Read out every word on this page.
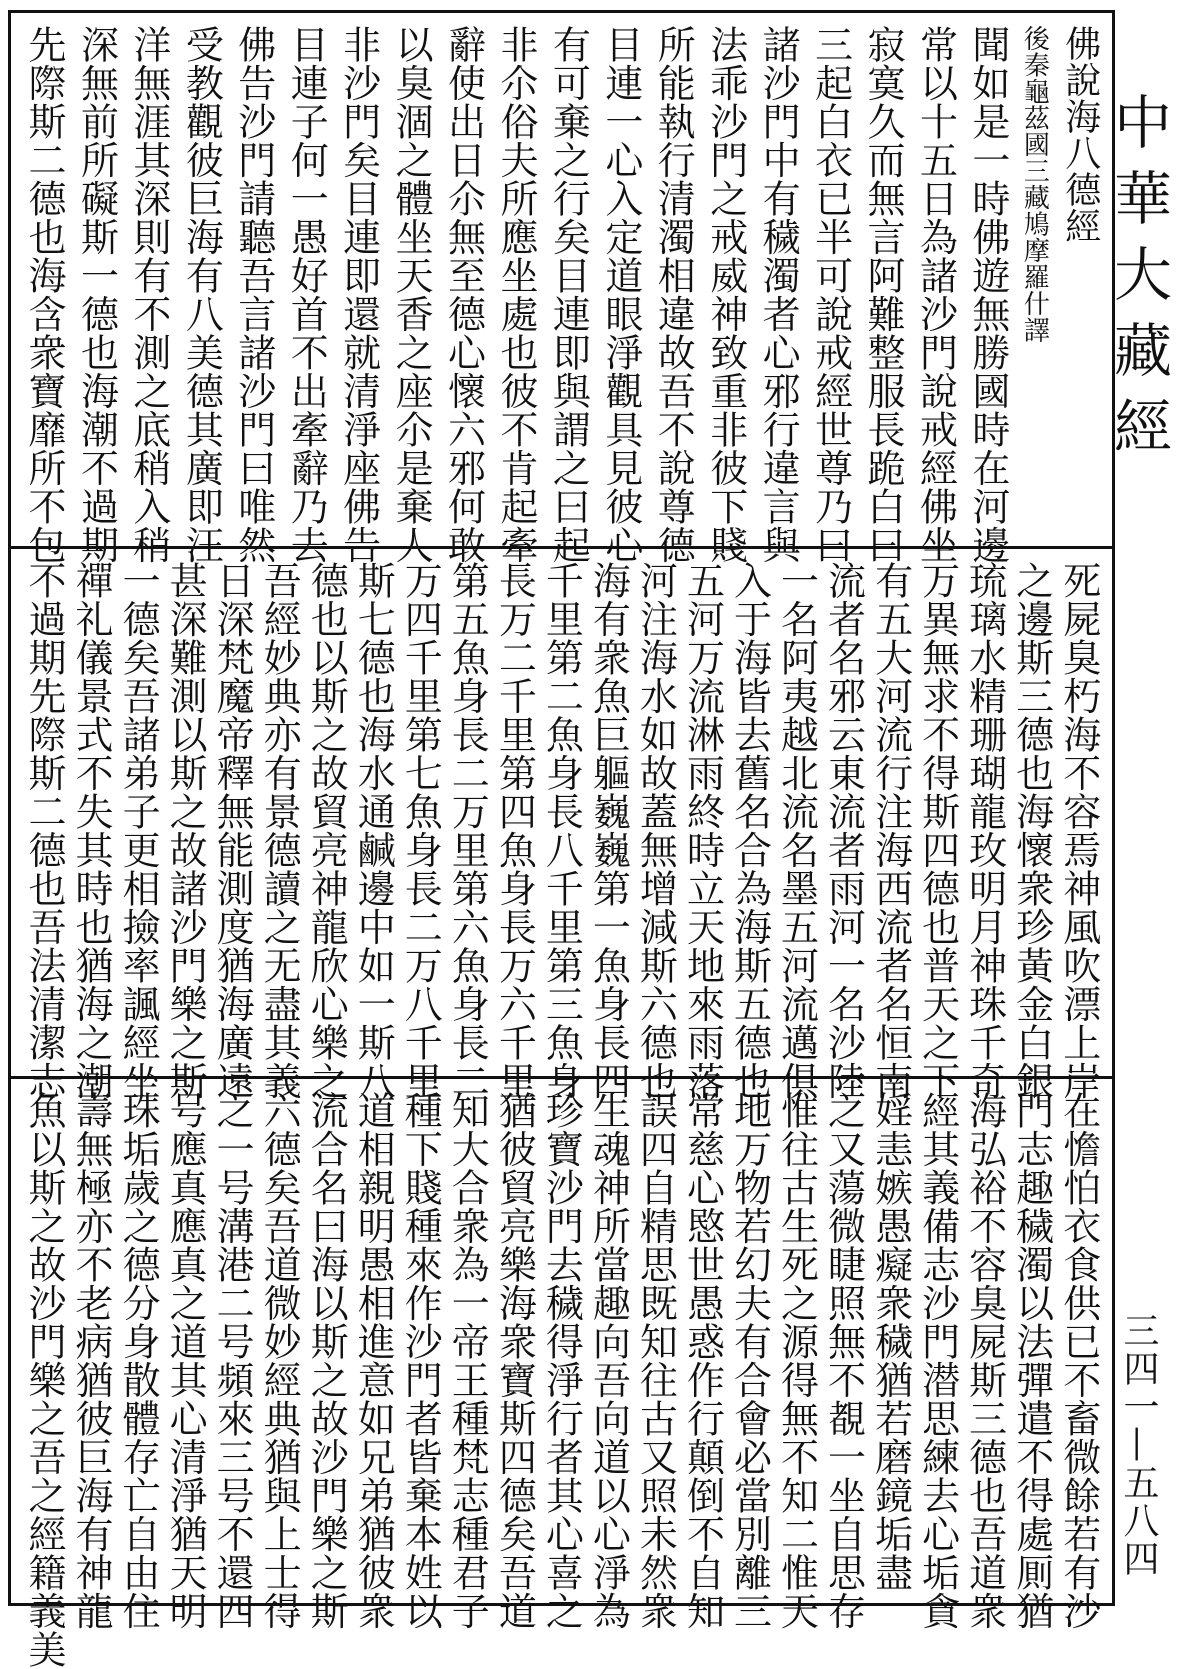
佛說海八德經
後秦龜茲國三藏鳩摩羅什譯
聞如是一時佛遊無勝國時在河邊
常以十五日為諸沙門說戒經佛坐
寂寞久而無言阿難整服長跪白曰
三起白衣已半可說戒經世尊乃曰
諸沙門中有穢濁者心邪行違言與
法乖沙門之戒威神致重非彼下賤
所能執行清濁相違故吾不說尊德
目連一心入定道眼淨觀具見彼心
有可棄之行矣目連即與謂之曰起
非尒俗夫所應坐處也彼不肯起牽
辭使出日尒無至德心懷六邪何敢
以臭涸之體坐天香之座尒是棄人
非沙門矣目連即還就清淨座佛告
目連子何一愚好首不出牽辭乃去
佛告沙門請聽吾言諸沙門曰唯然
受教觀彼巨海有八美德其廣即汪
洋無涯其深則有不測之底稍入稍
深無前所礙斯一德也海潮不過期
先際斯二德也海含衆寶靡所不包
死屍臭朽海不容焉神風吹漂上岸
之邊斯三德也海懷衆珍黃金白銀
琉璃水精珊瑚龍玫明月神珠千奇
万異無求不得斯四德也普天之下
有五大河流行注海西流者名恒南
流者名邪云東流者雨河一名沙陸
一名阿夷越北流名墨五河流邁俱
入于海皆去舊名合為海斯五德也
五河万流淋雨終時立天地來雨落
河注海水如故蓋無增減斯六德也
海有衆魚巨軀巍巍第一魚身長四
千里第二魚身長八千里第三魚身
長万二千里第四魚身長万六千里
第五魚身長二万里第六魚身長二
万四千里第七魚身長二万八千里
斯七德也海水通鹹邊中如一斯八
德也以斯之故貿亮神龍欣心樂之
吾經妙典亦有景德讀之无盡其義
日深梵魔帝釋無能測度猶海廣遠
甚深難測以斯之故諸沙門樂之斯
一德矣吾諸弟子更相撿率諷經坐
禪礼儀景式不失其時也猶海之潮
不過期先際斯二德也吾法清潔志
在憺怕衣食供已不畜微餘若有沙
門志趣穢濁以法彈遣不得處厠猶
海弘裕不容臭屍斯三德也吾道衆
經其義備志沙門潜思練去心垢貪
婬恚嫉愚癡衆穢猶若磨鏡垢盡
之又蕩微睫照無不覩一坐自思存
惟往古生死之源得無不知二惟天
地万物若幻夫有合會必當別離三
常慈心愍世愚惑作行顛倒不自知
誤四自精思既知往古又照未然衆
生魂神所當趣向吾向道以心淨為
珍寶沙門去穢得淨行者其心喜之
猶彼貿亮樂海衆寶斯四德矣吾道
知大合衆為一帝王種梵志種君子
種下賤種來作沙門者皆棄本姓以
道相親明愚相進意如兄弟猶彼衆
流合名曰海以斯之故沙門樂之斯
六德矣吾道微妙經典猶與上士得
之一号溝港二号頻來三号不還四
号應真應真之道其心清淨猶天明
珠垢歲之德分身散體存亡自由住
壽無極亦不老病猶彼巨海有神龍
魚以斯之故沙門樂之吾之經籍義美
中華大藏經
三四一—五八四
